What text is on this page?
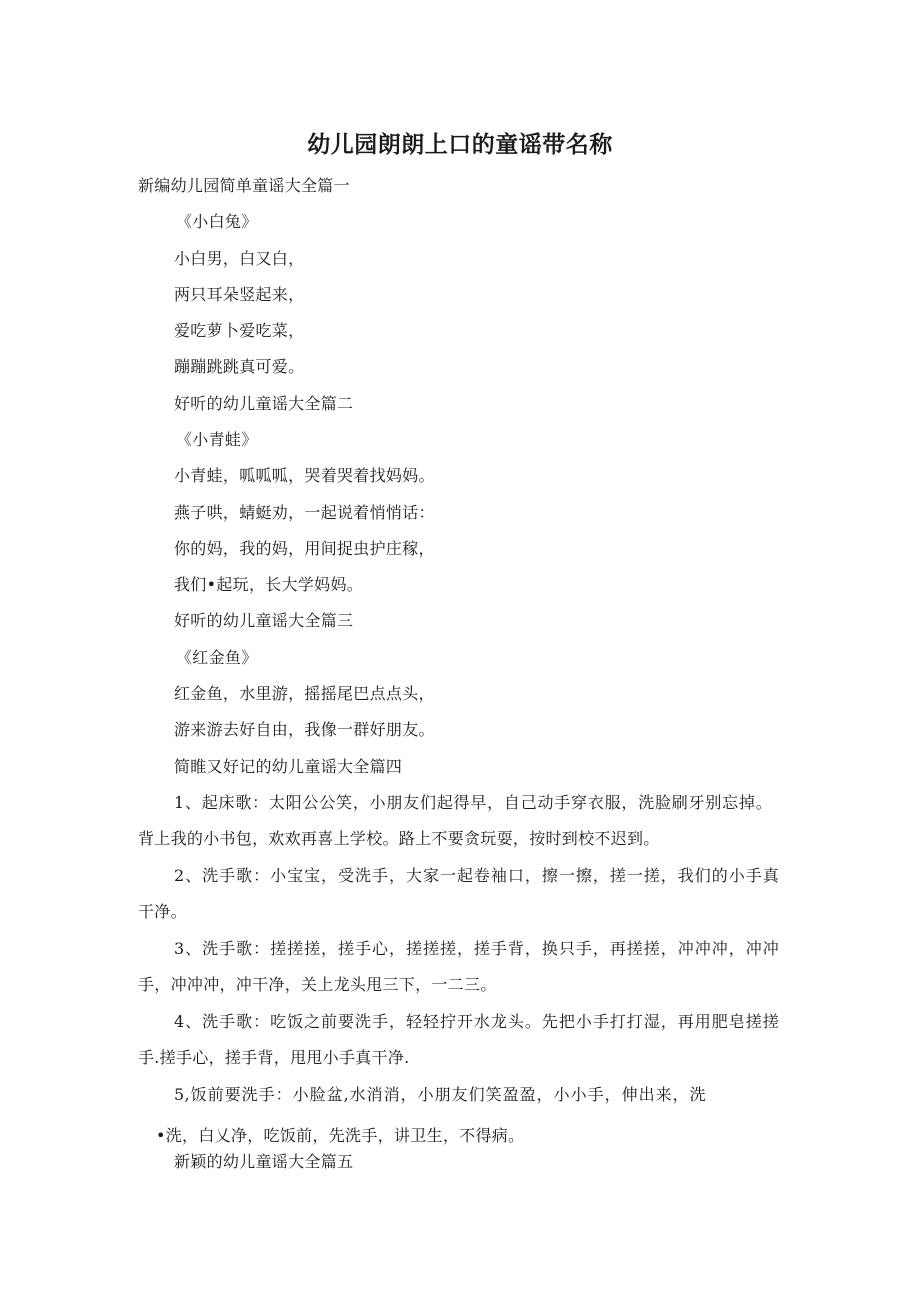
幼儿园朗朗上口的童谣带名称
新编幼儿园简单童谣大全篇一
《小白兔》
小白男，白又白，
两只耳朵竖起来，
爱吃萝卜爱吃菜，
蹦蹦跳跳真可爱。
好听的幼儿童谣大全篇二
《小青蛙》
小青蛙，呱呱呱，哭着哭着找妈妈。
燕子哄，蜻蜓劝，一起说着悄悄话：
你的妈，我的妈，用间捉虫护庄稼，
我们•起玩，长大学妈妈。
好听的幼儿童谣大全篇三
《红金鱼》
红金鱼，水里游，摇摇尾巴点点头，
游来游去好自由，我像一群好朋友。
简睢又好记的幼儿童谣大全篇四
1、起床歌：太阳公公笑，小朋友们起得早，自己动手穿衣服，洗脸刷牙别忘掉。
背上我的小书包，欢欢再喜上学校。路上不要贪玩耍，按时到校不迟到。
2、洗手歌：小宝宝，受洗手，大家一起卷袖口，擦一擦，搓一搓，我们的小手真
干净。
3、洗手歌：搓搓搓，搓手心，搓搓搓，搓手背，换只手，再搓搓，冲冲冲，冲冲
手，冲冲冲，冲干净，关上龙头甩三下，一二三。
4、洗手歌：吃饭之前要洗手，轻轻拧开水龙头。先把小手打打湿，再用肥皂搓搓
手.搓手心，搓手背，甩甩小手真干净.
5,饭前要洗手：小脸盆,水消消，小朋友们笑盈盈，小小手，伸出来，洗
•洗，白乂净，吃饭前，先洗手，讲卫生，不得病。
新颖的幼儿童谣大全篇五
